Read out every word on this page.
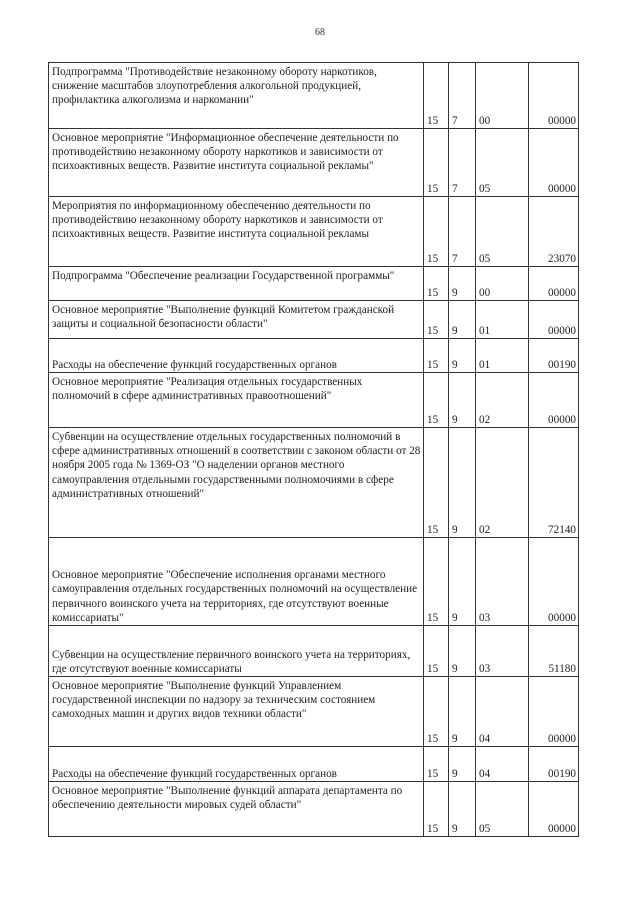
68
Подпрограмма "Противодействие незаконному обороту наркотиков, снижение масштабов злоупотребления алкогольной продукцией, профилактика алкоголизма и наркомании"	15	7	00	00000
Основное мероприятие "Информационное обеспечение деятельности по противодействию незаконному обороту наркотиков и зависимости от психоактивных веществ. Развитие института социальной рекламы"	15	7	05	00000
Мероприятия по информационному обеспечению деятельности по противодействию незаконному обороту наркотиков и зависимости от психоактивных веществ. Развитие института социальной рекламы	15	7	05	23070
Подпрограмма "Обеспечение реализации Государственной программы"	15	9	00	00000
Основное мероприятие "Выполнение функций Комитетом гражданской защиты и социальной безопасности области"	15	9	01	00000
Расходы на обеспечение функций государственных органов	15	9	01	00190
Основное мероприятие "Реализация отдельных государственных полномочий в сфере административных правоотношений"	15	9	02	00000
Субвенции на осуществление отдельных государственных полномочий в сфере административных отношений в соответствии с законом области от 28 ноября 2005 года № 1369-ОЗ "О наделении органов местного самоуправления отдельными государственными полномочиями в сфере административных отношений"	15	9	02	72140
Основное мероприятие "Обеспечение исполнения органами местного самоуправления отдельных государственных полномочий на осуществление первичного воинского учета на территориях, где отсутствуют военные комиссариаты"	15	9	03	00000
Субвенции на осуществление первичного воинского учета на территориях, где отсутствуют военные комиссариаты	15	9	03	51180
Основное мероприятие "Выполнение функций Управлением государственной инспекции по надзору за техническим состоянием самоходных машин и других видов техники области"	15	9	04	00000
Расходы на обеспечение функций государственных органов	15	9	04	00190
Основное мероприятие "Выполнение функций аппарата департамента по обеспечению деятельности мировых судей области"	15	9	05	00000
